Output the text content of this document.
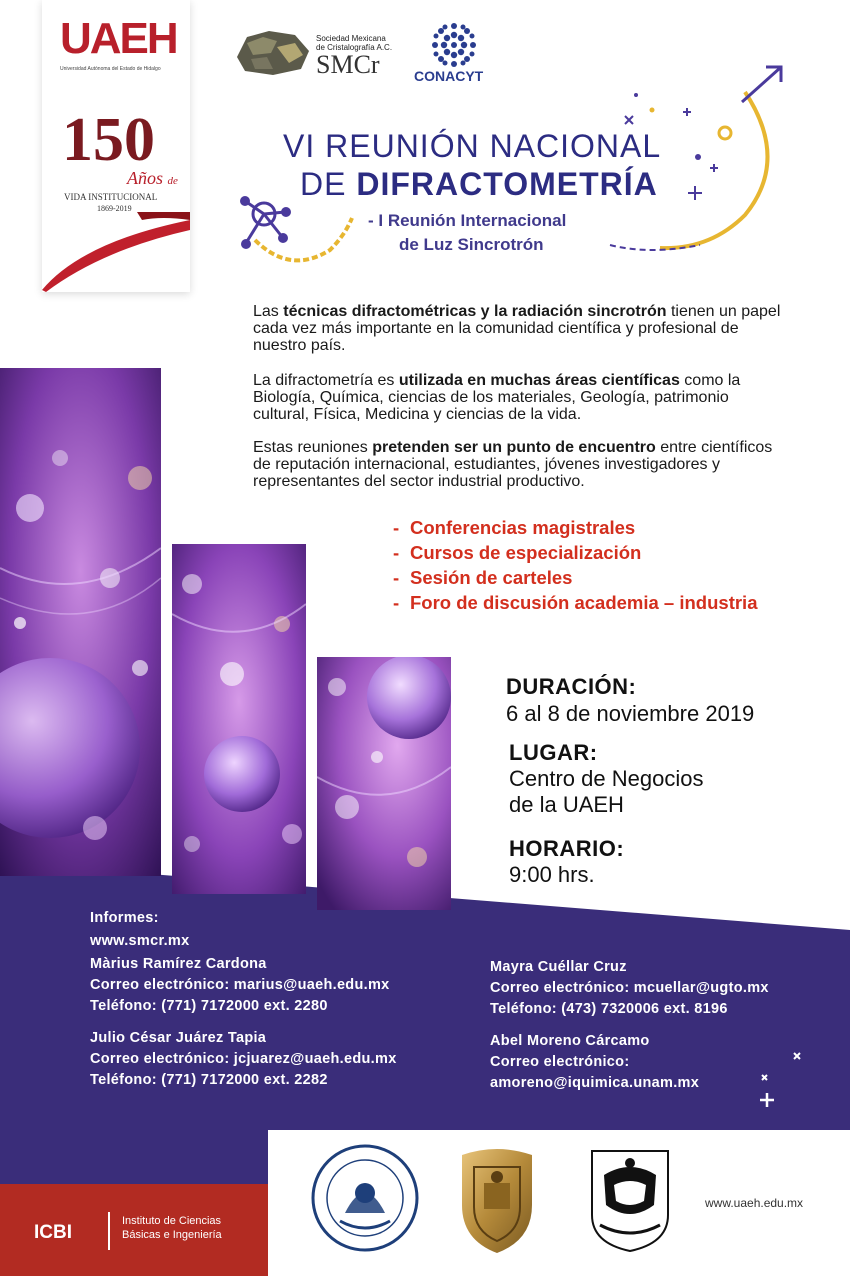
UAEH
Universidad Autónoma del Estado de Hidalgo
150
Años de
VIDA INSTITUCIONAL
1869-2019
Sociedad Mexicana
de Cristalografía A.C.
SMCr CONACYT
VI REUNIÓN NACIONAL
DE DIFRACTOMETRÍA
- I Reunión Internacional
de Luz Sincrotrón
Las técnicas difractométricas y la radiación sincrotrón tienen un papel cada vez más importante en la comunidad científica y profesional de nuestro país.
La difractometría es utilizada en muchas áreas científicas como la Biología, Química, ciencias de los materiales, Geología, patrimonio cultural, Física, Medicina y ciencias de la vida.
Estas reuniones pretenden ser un punto de encuentro entre científicos de reputación internacional, estudiantes, jóvenes investigadores y representantes del sector industrial productivo.
- Conferencias magistrales
- Cursos de especialización
- Sesión de carteles
- Foro de discusión academia – industria
DURACIÓN:
6 al 8 de noviembre 2019
LUGAR:
Centro de Negocios
de la UAEH
HORARIO:
9:00 hrs.
Informes:
www.smcr.mx
Màrius Ramírez Cardona
Correo electrónico: marius@uaeh.edu.mx
Teléfono: (771) 7172000 ext. 2280
Julio César Juárez Tapia
Correo electrónico: jcjuarez@uaeh.edu.mx
Teléfono: (771) 7172000 ext. 2282
Mayra Cuéllar Cruz
Correo electrónico: mcuellar@ugto.mx
Teléfono: (473) 7320006 ext. 8196
Abel Moreno Cárcamo
Correo electrónico:
amoreno@iquimica.unam.mx
www.uaeh.edu.mx
ICBI
Instituto de Ciencias
Básicas e Ingeniería
